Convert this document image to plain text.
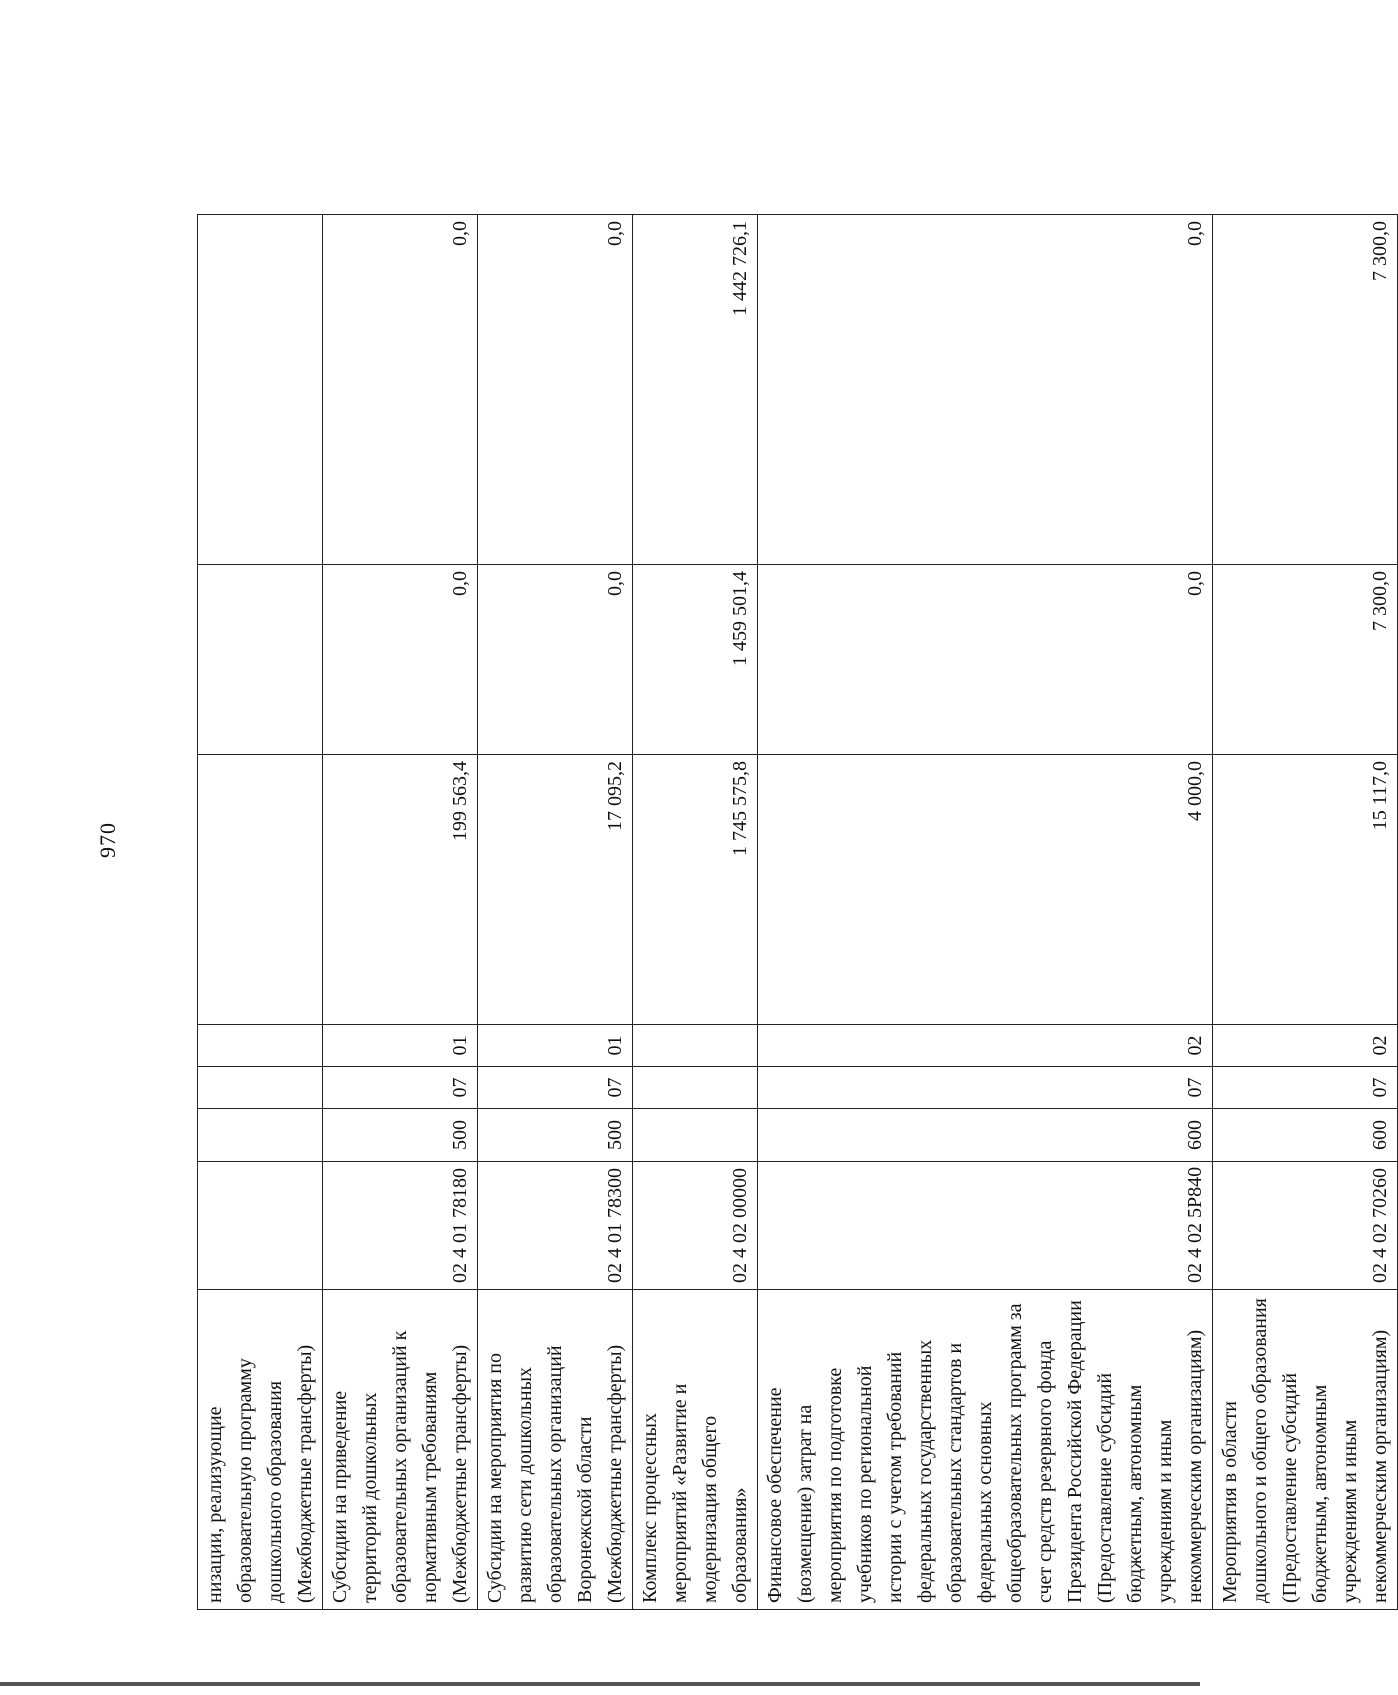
970
низации, реализующие образовательную программу дошкольного образования (Межбюджетные трансферты)							
Субсидии на приведение территорий дошкольных образовательных организаций к нормативным требованиям (Межбюджетные трансферты)	02 4 01 78180	500	07	01	199 563,4	0,0	0,0
Субсидии на мероприятия по развитию сети дошкольных образовательных организаций Воронежской области (Межбюджетные трансферты)	02 4 01 78300	500	07	01	17 095,2	0,0	0,0
Комплекс процессных мероприятий «Развитие и модернизация общего образования»	02 4 02 00000				1 745 575,8	1 459 501,4	1 442 726,1
Финансовое обеспечение (возмещение) затрат на мероприятия по подготовке учебников по региональной истории с учетом требований федеральных государственных образовательных стандартов и федеральных основных общеобразовательных программ за счет средств резервного фонда Президента Российской Федерации (Предоставление субсидий бюджетным, автономным учреждениям и иным некоммерческим организациям)	02 4 02 5Р840	600	07	02	4 000,0	0,0	0,0
Мероприятия в области дошкольного и общего образования (Предоставление субсидий бюджетным, автономным учреждениям и иным некоммерческим организациям)	02 4 02 70260	600	07	02	15 117,0	7 300,0	7 300,0
